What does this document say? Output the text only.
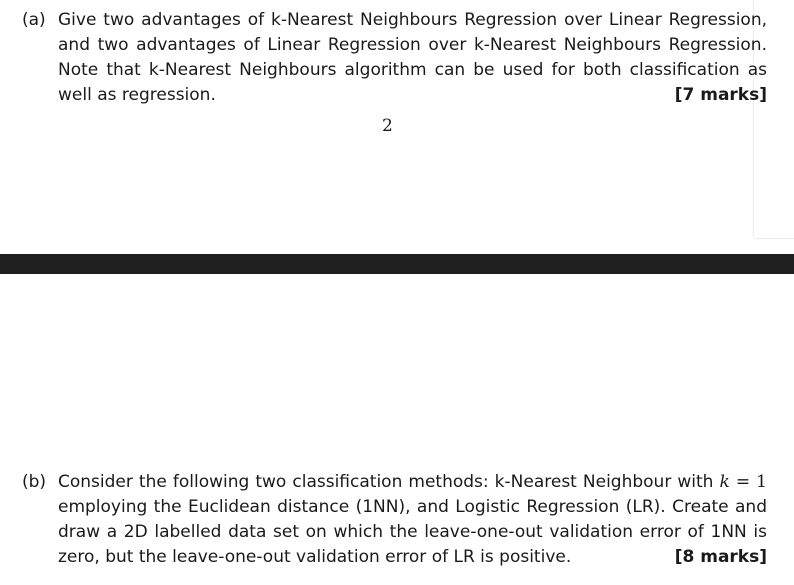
(a) Give two advantages of k-Nearest Neighbours Regression over Linear Regression, and two advantages of Linear Regression over k-Nearest Neighbours Regression. Note that k-Nearest Neighbours algorithm can be used for both classification as well as regression.	[7 marks]
2
(b) Consider the following two classification methods: k-Nearest Neighbour with k = 1 employing the Euclidean distance (1NN), and Logistic Regression (LR). Create and draw a 2D labelled data set on which the leave-one-out validation error of 1NN is zero, but the leave-one-out validation error of LR is positive.	[8 marks]
